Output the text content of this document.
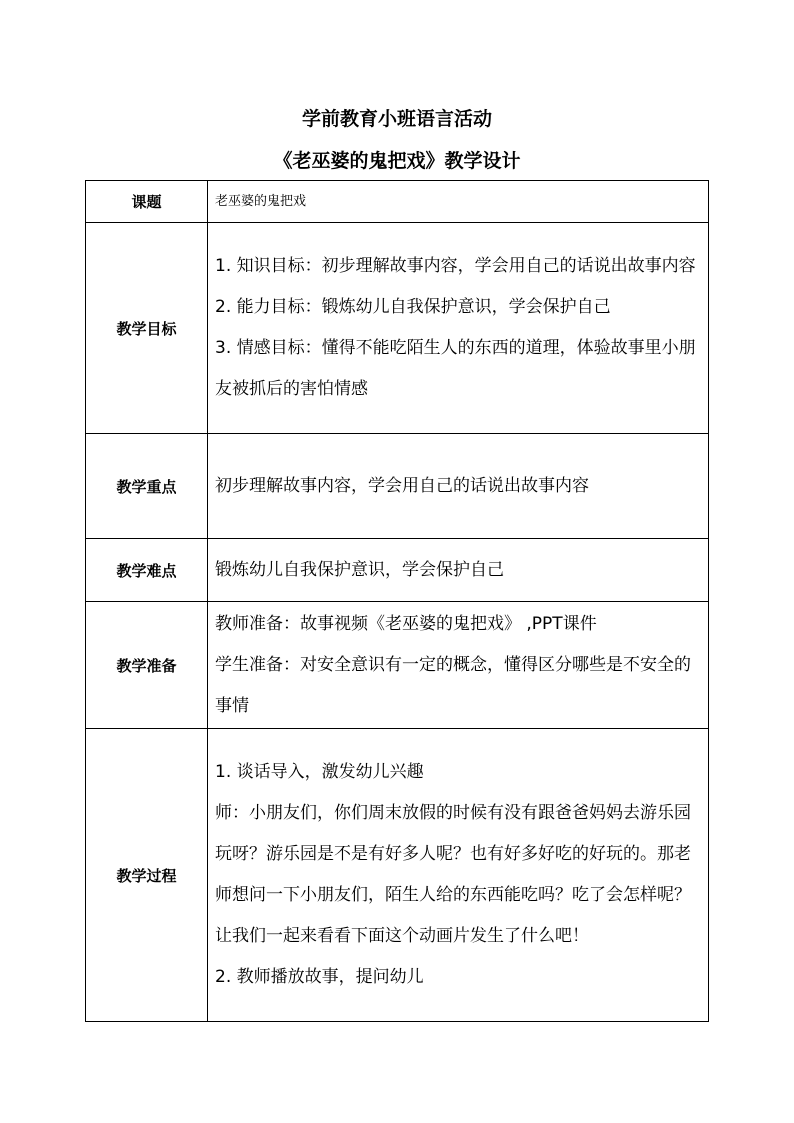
学前教育小班语言活动
《老巫婆的鬼把戏》教学设计
课题	老巫婆的鬼把戏
教学目标	1. 知识目标：初步理解故事内容，学会用自己的话说出故事内容
2. 能力目标：锻炼幼儿自我保护意识，学会保护自己
3. 情感目标：懂得不能吃陌生人的东西的道理，体验故事里小朋友被抓后的害怕情感

教学重点	初步理解故事内容，学会用自己的话说出故事内容
教学难点	锻炼幼儿自我保护意识，学会保护自己
教学准备	教师准备：故事视频《老巫婆的鬼把戏》 ,PPT课件
学生准备：对安全意识有一定的概念，懂得区分哪些是不安全的事情

教学过程	1. 谈话导入，激发幼儿兴趣
师：小朋友们，你们周末放假的时候有没有跟爸爸妈妈去游乐园玩呀？游乐园是不是有好多人呢？也有好多好吃的好玩的。那老师想问一下小朋友们，陌生人给的东西能吃吗？吃了会怎样呢？让我们一起来看看下面这个动画片发生了什么吧！
2. 教师播放故事，提问幼儿
